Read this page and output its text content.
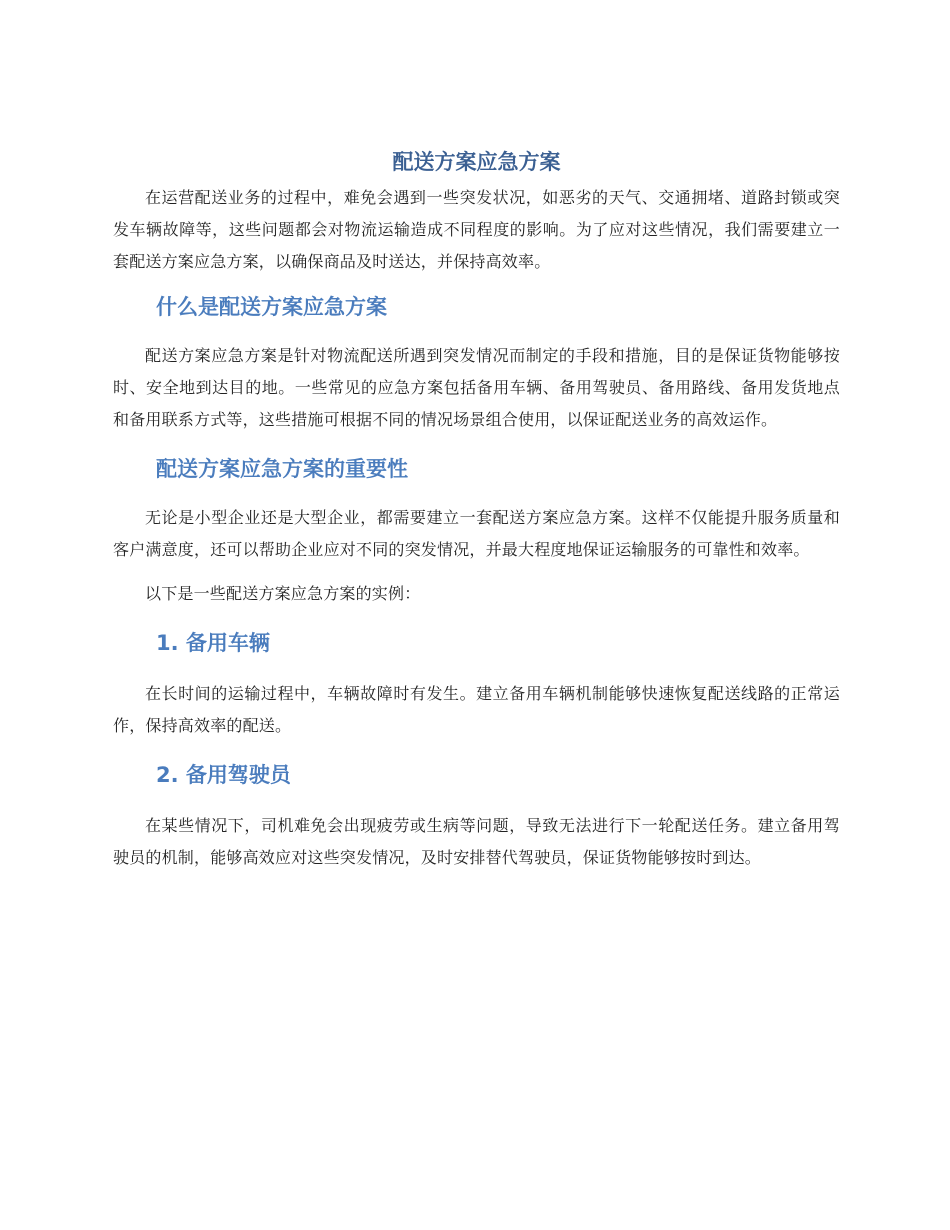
配送方案应急方案

在运营配送业务的过程中，难免会遇到一些突发状况，如恶劣的天气、交通拥堵、道路封锁或突发车辆故障等，这些问题都会对物流运输造成不同程度的影响。为了应对这些情况，我们需要建立一套配送方案应急方案，以确保商品及时送达，并保持高效率。

什么是配送方案应急方案

配送方案应急方案是针对物流配送所遇到突发情况而制定的手段和措施，目的是保证货物能够按时、安全地到达目的地。一些常见的应急方案包括备用车辆、备用驾驶员、备用路线、备用发货地点和备用联系方式等，这些措施可根据不同的情况场景组合使用，以保证配送业务的高效运作。

配送方案应急方案的重要性

无论是小型企业还是大型企业，都需要建立一套配送方案应急方案。这样不仅能提升服务质量和客户满意度，还可以帮助企业应对不同的突发情况，并最大程度地保证运输服务的可靠性和效率。

以下是一些配送方案应急方案的实例：

1. 备用车辆

在长时间的运输过程中，车辆故障时有发生。建立备用车辆机制能够快速恢复配送线路的正常运作，保持高效率的配送。

2. 备用驾驶员

在某些情况下，司机难免会出现疲劳或生病等问题，导致无法进行下一轮配送任务。建立备用驾驶员的机制，能够高效应对这些突发情况，及时安排替代驾驶员，保证货物能够按时到达。
